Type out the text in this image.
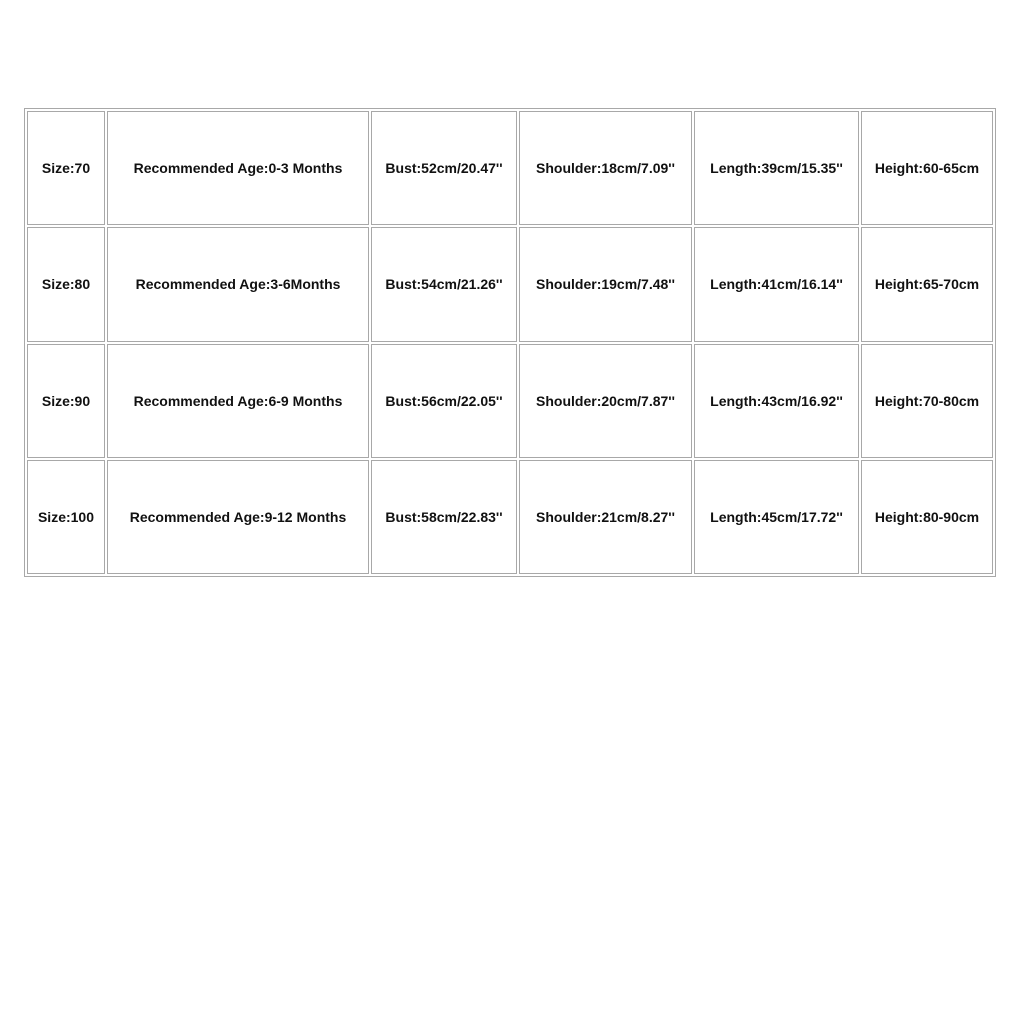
Size:70	Recommended Age:0-3 Months	Bust:52cm/20.47''	Shoulder:18cm/7.09''	Length:39cm/15.35''	Height:60-65cm
Size:80	Recommended Age:3-6Months	Bust:54cm/21.26''	Shoulder:19cm/7.48''	Length:41cm/16.14''	Height:65-70cm
Size:90	Recommended Age:6-9 Months	Bust:56cm/22.05''	Shoulder:20cm/7.87''	Length:43cm/16.92''	Height:70-80cm
Size:100	Recommended Age:9-12 Months	Bust:58cm/22.83''	Shoulder:21cm/8.27''	Length:45cm/17.72''	Height:80-90cm
